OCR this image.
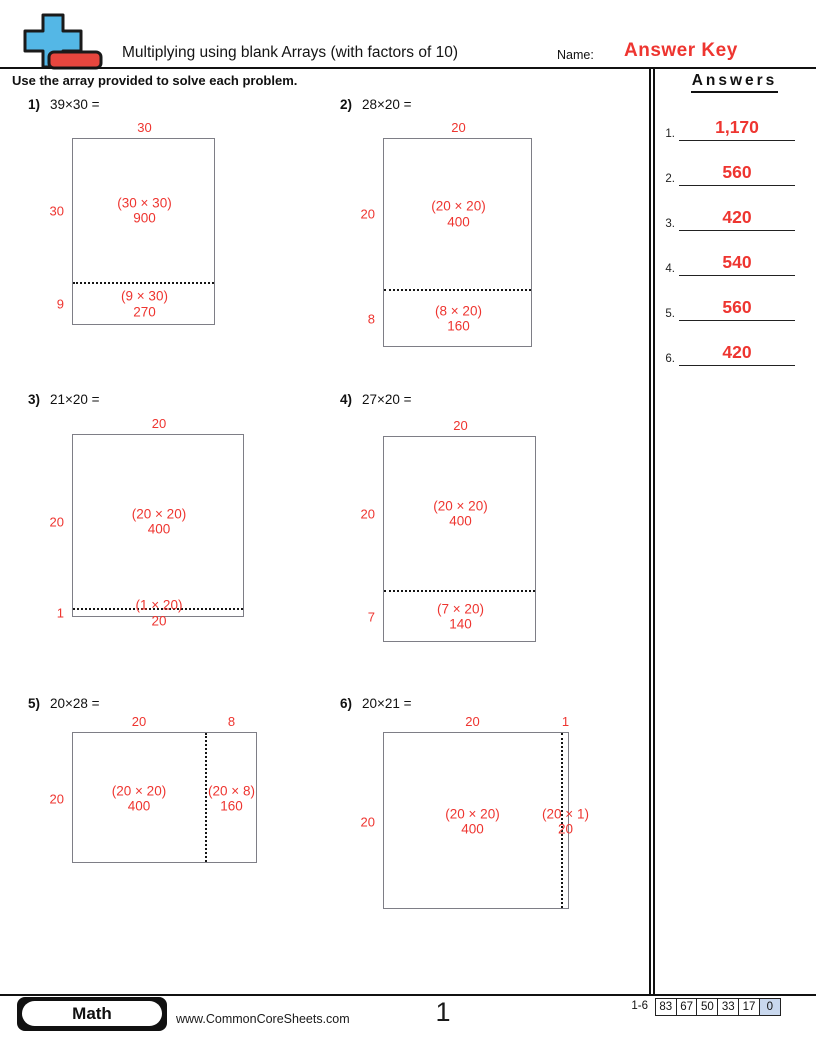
Multiplying using blank Arrays (with factors of 10)	Name: Answer Key
Use the array provided to solve each problem.	Answers
1.	1,170
2.	560
3.	420
4.	540
5.	560
6.	420
1) 39×30 =
30
30
9
(30 × 30)
900
(9 × 30)
270
2) 28×20 =
20
20
8
(20 × 20)
400
(8 × 20)
160
3) 21×20 =
20
20
1
(20 × 20)
400
(1 × 20)
20
4) 27×20 =
20
20
7
(20 × 20)
400
(7 × 20)
140
5) 20×28 =
20	8
20
(20 × 20)
400
(20 × 8)
160
6) 20×21 =
20	1
20
(20 × 20)
400
(20 × 1)
20
Math	www.CommonCoreSheets.com	1	1-6 83 67 50 33 17 0
